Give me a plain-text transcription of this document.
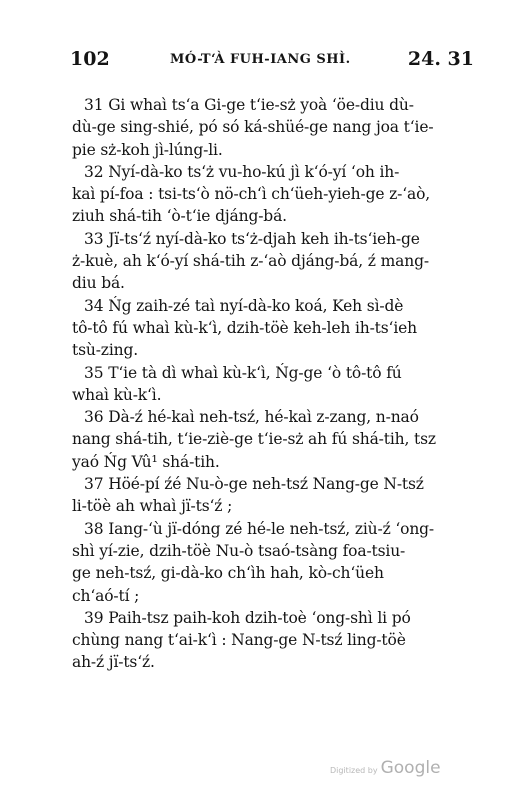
102	MÓ-T‘À FUH-IANG SHÌ.	24. 31
31 Gi whaì ts‘a Gi-ge t‘ie-sż yoà ‘öe-diu dù-
dù-ge sing-shié, pó só ká-shüé-ge nang joa t‘ie-
pie sż-koh jì-lúng-li.
32 Nyí-dà-ko ts‘ż vu-ho-kú jì k‘ó-yí ‘oh ih-
kaì pí-foa : tsi-ts‘ò nö-ch‘ì ch‘üeh-yieh-ge z-‘aò,
ziuh shá-tih ‘ò-t‘ie djáng-bá.
33 Jï-ts‘ź nyí-dà-ko ts‘ż-djah keh ih-ts‘ieh-ge
ż-kuè, ah k‘ó-yí shá-tih z-‘aò djáng-bá, ź mang-
diu bá.
34 Ńg zaih-zé taì nyí-dà-ko koá, Keh sì-dè
tô-tô fú whaì kù-k‘ì, dzih-töè keh-leh ih-ts‘ieh
tsù-zing.
35 T‘ie tà dì whaì kù-k‘ì, Ńg-ge ‘ò tô-tô fú
whaì kù-k‘ì.
36 Dà-ź hé-kaì neh-tsź, hé-kaì z-zang, n-naó
nang shá-tih, t‘ie-ziè-ge t‘ie-sż ah fú shá-tih, tsz
yaó Ńg Vû¹ shá-tih.
37 Höé-pí źé Nu-ò-ge neh-tsź Nang-ge N-tsź
li-töè ah whaì jï-ts‘ź ;
38 Iang-‘ù jï-dóng zé hé-le neh-tsź, ziù-ź ‘ong-
shì yí-zie, dzih-töè Nu-ò tsaó-tsàng foa-tsiu-
ge neh-tsź, gi-dà-ko ch‘ìh hah, kò-ch‘üeh
ch‘aó-tí ;
39 Paih-tsz paih-koh dzih-toè ‘ong-shì li pó
chùng nang t‘ai-k‘ì : Nang-ge N-tsź ling-töè
ah-ź jï-ts‘ź.
Digitized by Google
